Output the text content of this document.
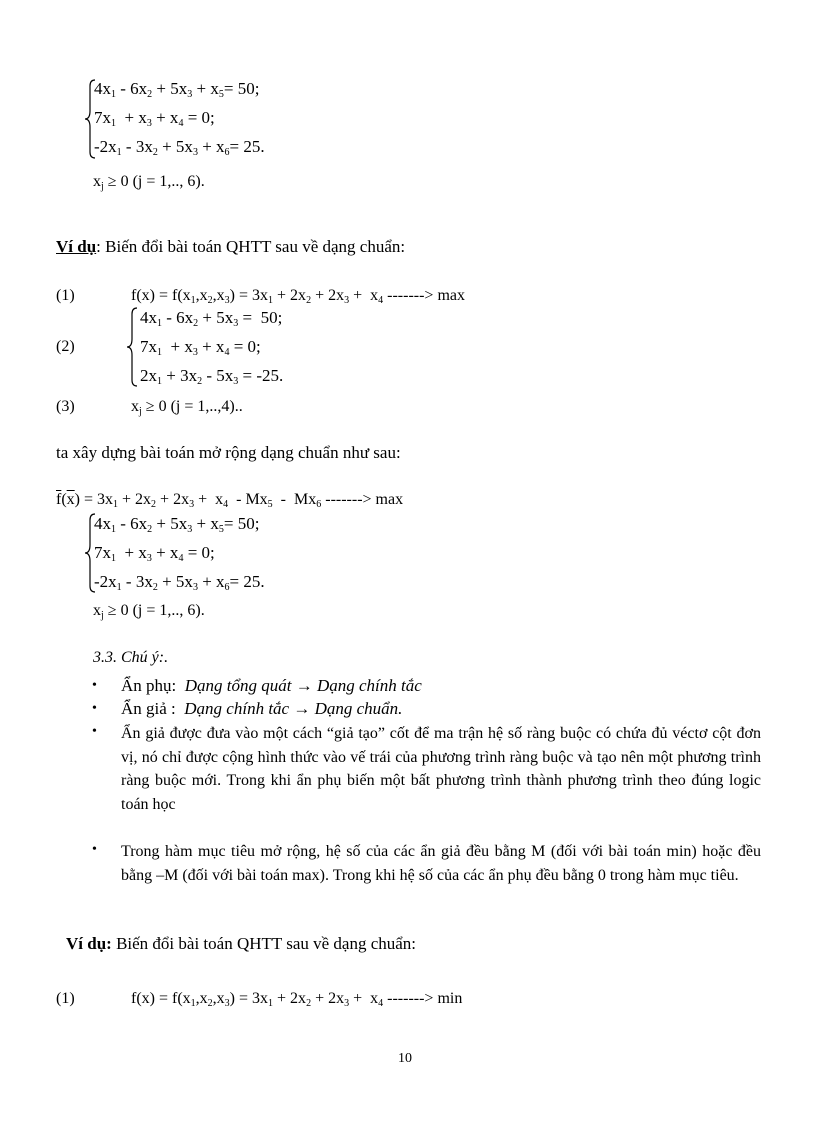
$4x_1 - 6x_2 + 5x_3 + x_5= 50$;
$7x_1 + x_3 + x_4 = 0$;
$-2x_1 - 3x_2 + 5x_3 + x_6= 25$.
$x_j \ge 0$ (j = 1,.., 6).
Ví dụ: Biến đổi bài toán QHTT sau về dạng chuẩn:
(1)	$f(x) = f(x_1,x_2,x_3) = 3x_1 + 2x_2 + 2x_3 + x_4$ -------> max
(2)
$4x_1 - 6x_2 + 5x_3 = 50$;
$7x_1 + x_3 + x_4 = 0$;
$2x_1 + 3x_2 - 5x_3 = -25$.
(3)	$x_j \ge 0$ (j = 1,..,4)..
ta xây dựng bài toán mở rộng dạng chuẩn như sau:
$\overline{f}(\overline{x}) = 3x_1 + 2x_2 + 2x_3 + x_4 - Mx_5 - Mx_6$ -------> max
$4x_1 - 6x_2 + 5x_3 + x_5= 50$;
$7x_1 + x_3 + x_4 = 0$;
$-2x_1 - 3x_2 + 5x_3 + x_6= 25$.
$x_j \ge 0$ (j = 1,.., 6).
3.3. Chú ý:.
• Ẩn phụ: Dạng tổng quát → Dạng chính tắc
• Ẩn giả : Dạng chính tắc → Dạng chuẩn.
• Ẩn giả được đưa vào một cách “giả tạo” cốt để ma trận hệ số ràng buộc có chứa đủ véctơ cột đơn vị, nó chỉ được cộng hình thức vào vế trái của phương trình ràng buộc và tạo nên một phương trình ràng buộc mới. Trong khi ẩn phụ biến một bất phương trình thành phương trình theo đúng logic toán học
• Trong hàm mục tiêu mở rộng, hệ số của các ẩn giả đều bằng M (đối với bài toán min) hoặc đều bằng –M (đối với bài toán max). Trong khi hệ số của các ẩn phụ đều bằng 0 trong hàm mục tiêu.
Ví dụ: Biến đổi bài toán QHTT sau về dạng chuẩn:
(1)	$f(x) = f(x_1,x_2,x_3) = 3x_1 + 2x_2 + 2x_3 + x_4$ -------> min
10
